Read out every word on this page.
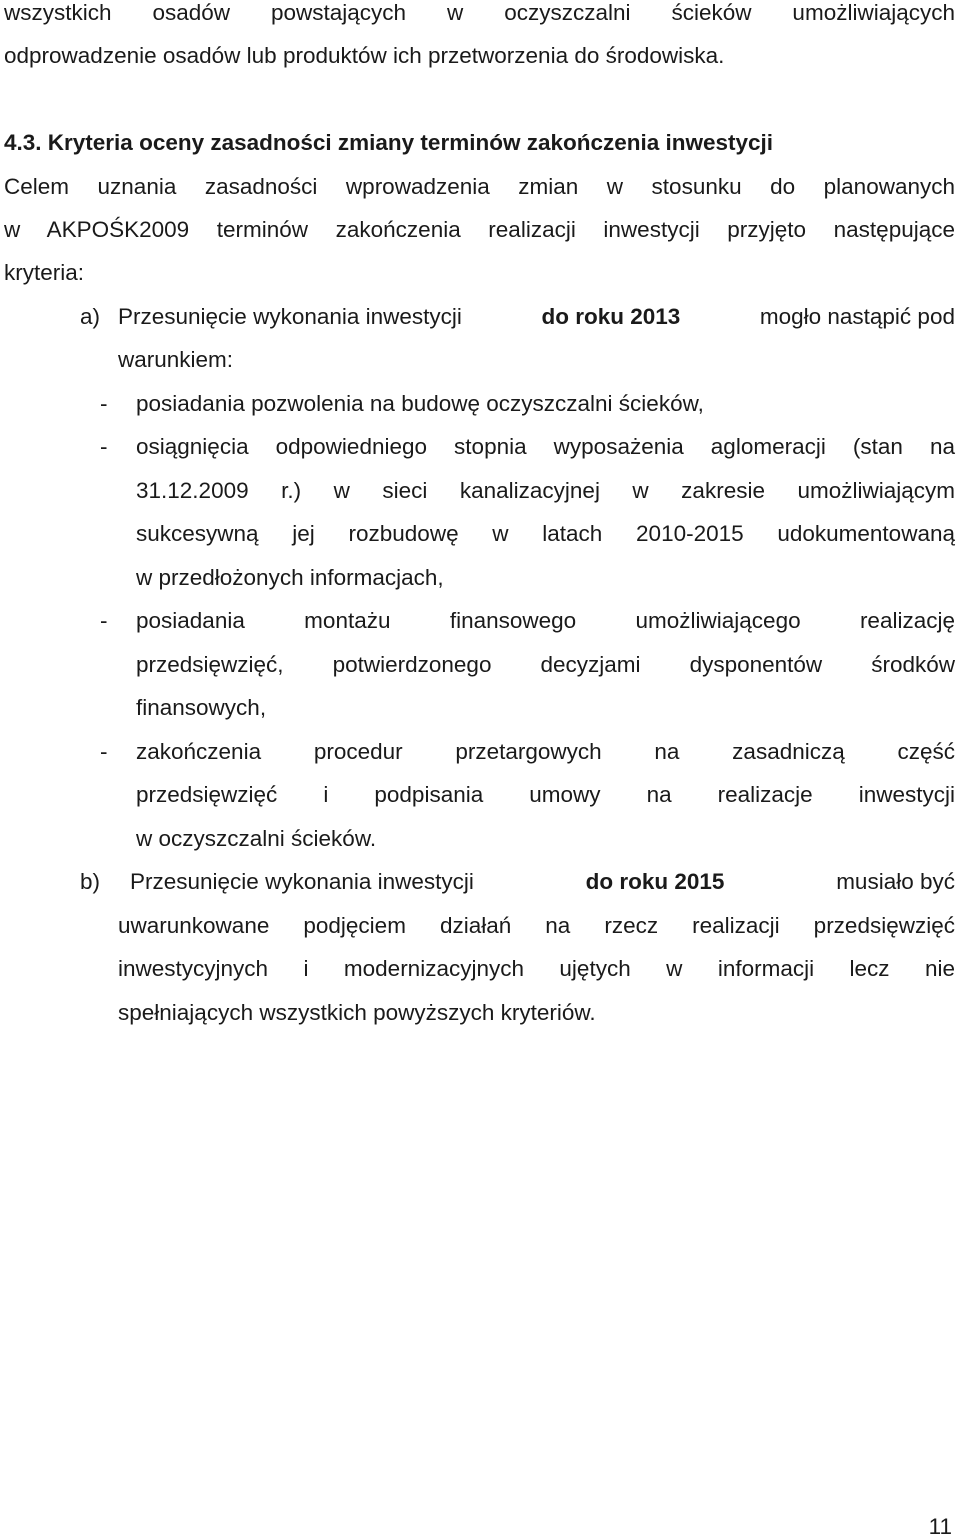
wszystkich osadów powstających w oczyszczalni ścieków umożliwiających
odprowadzenie osadów lub produktów ich przetworzenia do środowiska.
4.3. Kryteria oceny zasadności zmiany terminów zakończenia inwestycji
Celem uznania zasadności wprowadzenia zmian w stosunku do planowanych
w AKPOŚK2009 terminów zakończenia realizacji inwestycji przyjęto następujące
kryteria:
a) Przesunięcie wykonania inwestycji	do roku 2013	mogło nastąpić pod
warunkiem:
- posiadania pozwolenia na budowę oczyszczalni ścieków,
- osiągnięcia odpowiedniego stopnia wyposażenia aglomeracji (stan na
31.12.2009 r.) w sieci kanalizacyjnej w zakresie umożliwiającym
sukcesywną jej rozbudowę w latach 2010-2015 udokumentowaną
w przedłożonych informacjach,
- posiadania montażu finansowego umożliwiającego realizację
przedsięwzięć, potwierdzonego decyzjami dysponentów środków
finansowych,
- zakończenia procedur przetargowych na zasadniczą część
przedsięwzięć i podpisania umowy na realizacje inwestycji
w oczyszczalni ścieków.
b) Przesunięcie wykonania inwestycji	do roku 2015	musiało być
uwarunkowane podjęciem działań na rzecz realizacji przedsięwzięć
inwestycyjnych i modernizacyjnych ujętych w informacji lecz nie
spełniających wszystkich powyższych kryteriów.
11
